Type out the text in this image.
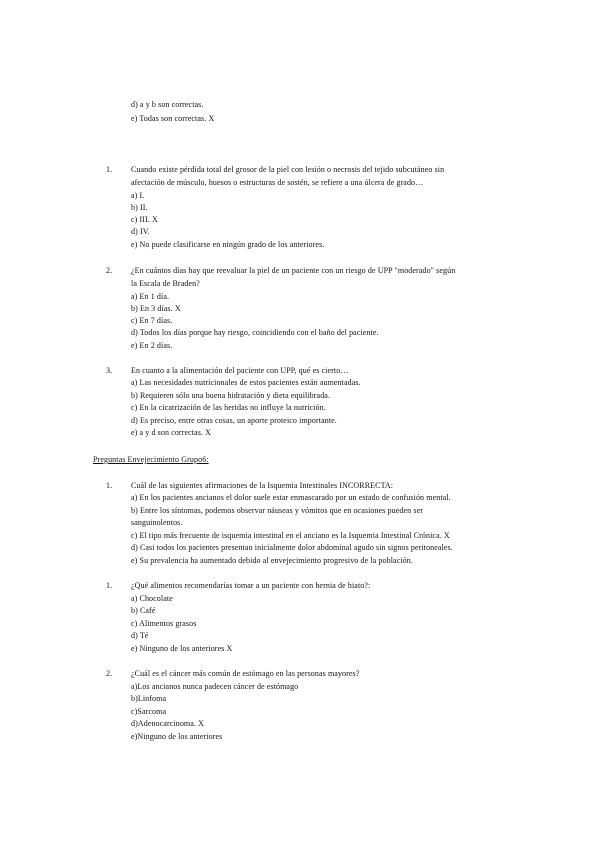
d) a y b son correctas.
e) Todas son correctas. X
1. Cuando existe pérdida total del grosor de la piel con lesión o necrosis del tejido subcutáneo sin
afectación de músculo, huesos o estructuras de sostén, se refiere a una úlcera de grado…
a) I.
b) II.
c) III. X
d) IV.
e) No puede clasificarse en ningún grado de los anteriores.
2. ¿En cuántos días hay que reevaluar la piel de un paciente con un riesgo de UPP "moderado" según
la Escala de Braden?
a) En 1 día.
b) En 3 días. X
c) En 7 días.
d) Todos los días porque hay riesgo, coincidiendo con el baño del paciente.
e) En 2 días.
3. En cuanto a la alimentación del paciente con UPP, qué es cierto…
a) Las necesidades nutricionales de estos pacientes están aumentadas.
b) Requieren sólo una buena hidratación y dieta equilibrada.
c) En la cicatrización de las heridas no influye la nutrición.
d) Es preciso, entre otras cosas, un aporte proteico importante.
e) a y d son correctas. X
Preguntas Envejecimiento Grupo6:
1. Cuál de las siguientes afirmaciones de la Isquemia Intestinales INCORRECTA:
a) En los pacientes ancianos el dolor suele estar enmascarado por un estado de confusión mental.
b) Entre los síntomas, podemos observar náuseas y vómitos que en ocasiones pueden ser
sanguinolentos.
c) El tipo más frecuente de isquemia intestinal en el anciano es la Isquemia Intestinal Crónica. X
d) Casi todos los pacientes presentan inicialmente dolor abdominal agudo sin signos peritoneales.
e) Su prevalencia ha aumentado debido al envejecimiento progresivo de la población.
1. ¿Qué alimentos recomendarías tomar a un paciente con hernia de hiato?:
a) Chocolate
b) Café
c) Alimentos grasos
d) Té
e) Ninguno de los anteriores X
2. ¿Cuál es el cáncer más común de estómago en las personas mayores?
a)Los ancianos nunca padecen cáncer de estómago
b)Linfoma
c)Sarcoma
d)Adenocarcinoma. X
e)Ninguno de los anteriores
